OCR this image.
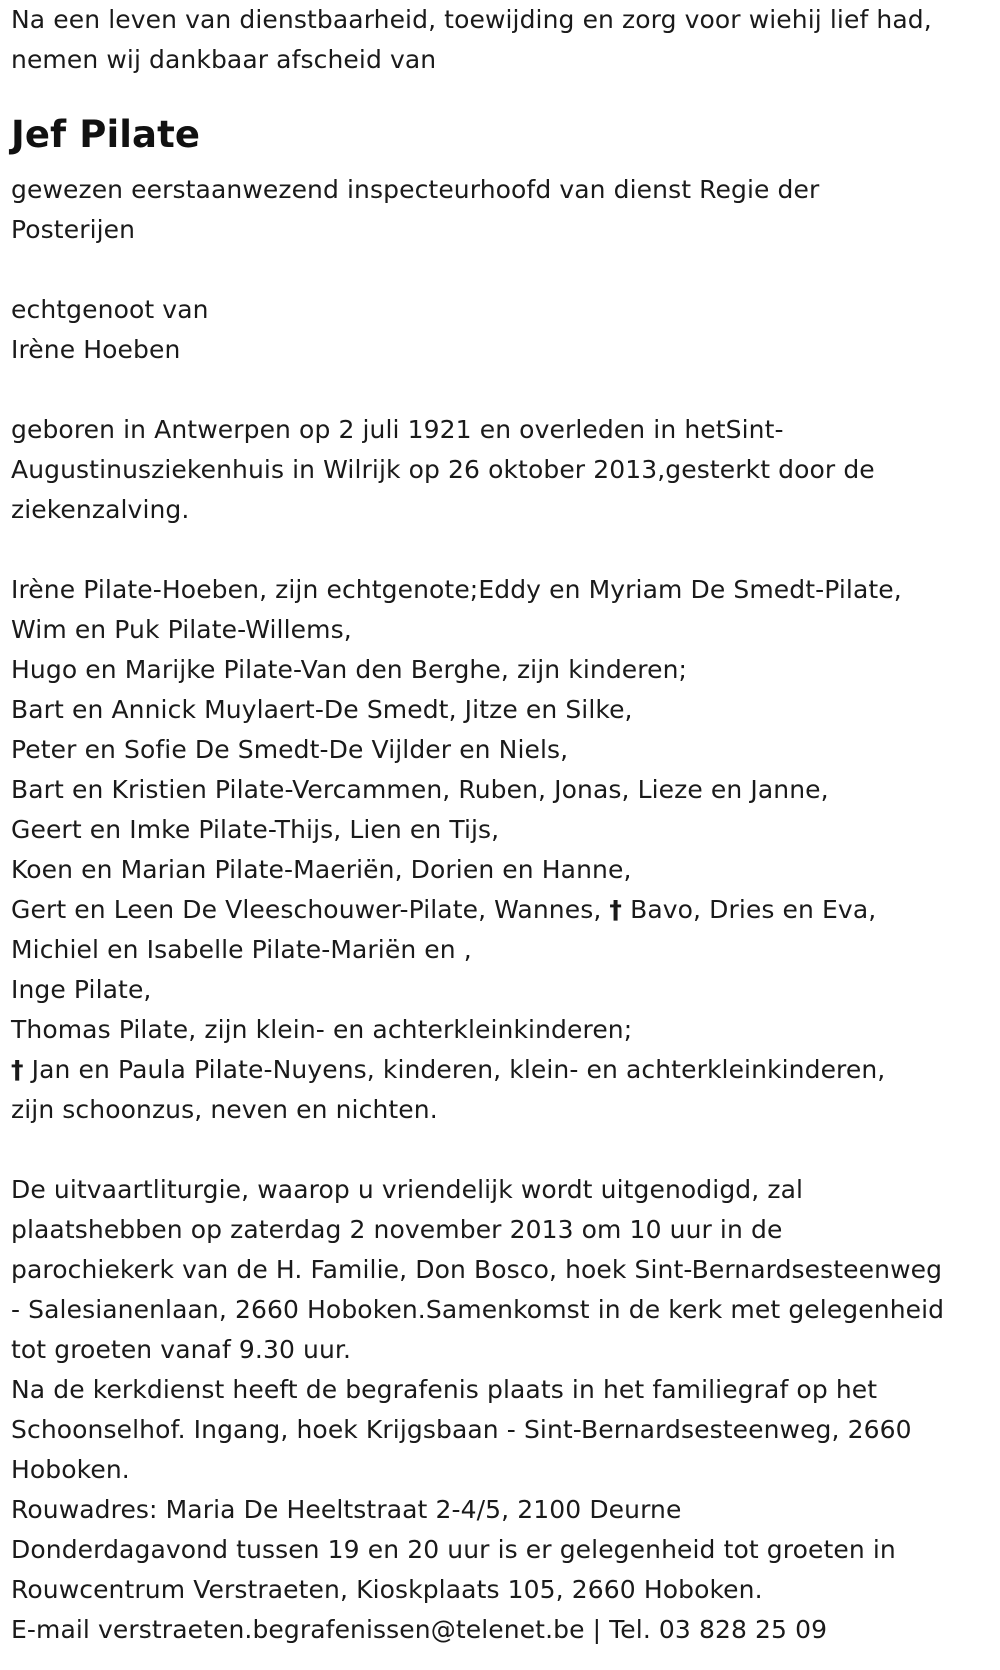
Na een leven van dienstbaarheid, toewijding en zorg voor wiehij lief had,
nemen wij dankbaar afscheid van
Jef Pilate
gewezen eerstaanwezend inspecteurhoofd van dienst Regie der
Posterijen
echtgenoot van
Irène Hoeben
geboren in Antwerpen op 2 juli 1921 en overleden in hetSint-
Augustinusziekenhuis in Wilrijk op 26 oktober 2013,gesterkt door de
ziekenzalving.
Irène Pilate-Hoeben, zijn echtgenote;Eddy en Myriam De Smedt-Pilate,
Wim en Puk Pilate-Willems,
Hugo en Marijke Pilate-Van den Berghe, zijn kinderen;
Bart en Annick Muylaert-De Smedt, Jitze en Silke,
Peter en Sofie De Smedt-De Vijlder en Niels,
Bart en Kristien Pilate-Vercammen, Ruben, Jonas, Lieze en Janne,
Geert en Imke Pilate-Thijs, Lien en Tijs,
Koen en Marian Pilate-Maeriën, Dorien en Hanne,
Gert en Leen De Vleeschouwer-Pilate, Wannes, † Bavo, Dries en Eva,
Michiel en Isabelle Pilate-Mariën en ,
Inge Pilate,
Thomas Pilate, zijn klein- en achterkleinkinderen;
† Jan en Paula Pilate-Nuyens, kinderen, klein- en achterkleinkinderen,
zijn schoonzus, neven en nichten.
De uitvaartliturgie, waarop u vriendelijk wordt uitgenodigd, zal
plaatshebben op zaterdag 2 november 2013 om 10 uur in de
parochiekerk van de H. Familie, Don Bosco, hoek Sint-Bernardsesteenweg
- Salesianenlaan, 2660 Hoboken.Samenkomst in de kerk met gelegenheid
tot groeten vanaf 9.30 uur.
Na de kerkdienst heeft de begrafenis plaats in het familiegraf op het
Schoonselhof. Ingang, hoek Krijgsbaan - Sint-Bernardsesteenweg, 2660
Hoboken.
Rouwadres: Maria De Heeltstraat 2-4/5, 2100 Deurne
Donderdagavond tussen 19 en 20 uur is er gelegenheid tot groeten in
Rouwcentrum Verstraeten, Kioskplaats 105, 2660 Hoboken.
E-mail verstraeten.begrafenissen@telenet.be | Tel. 03 828 25 09
